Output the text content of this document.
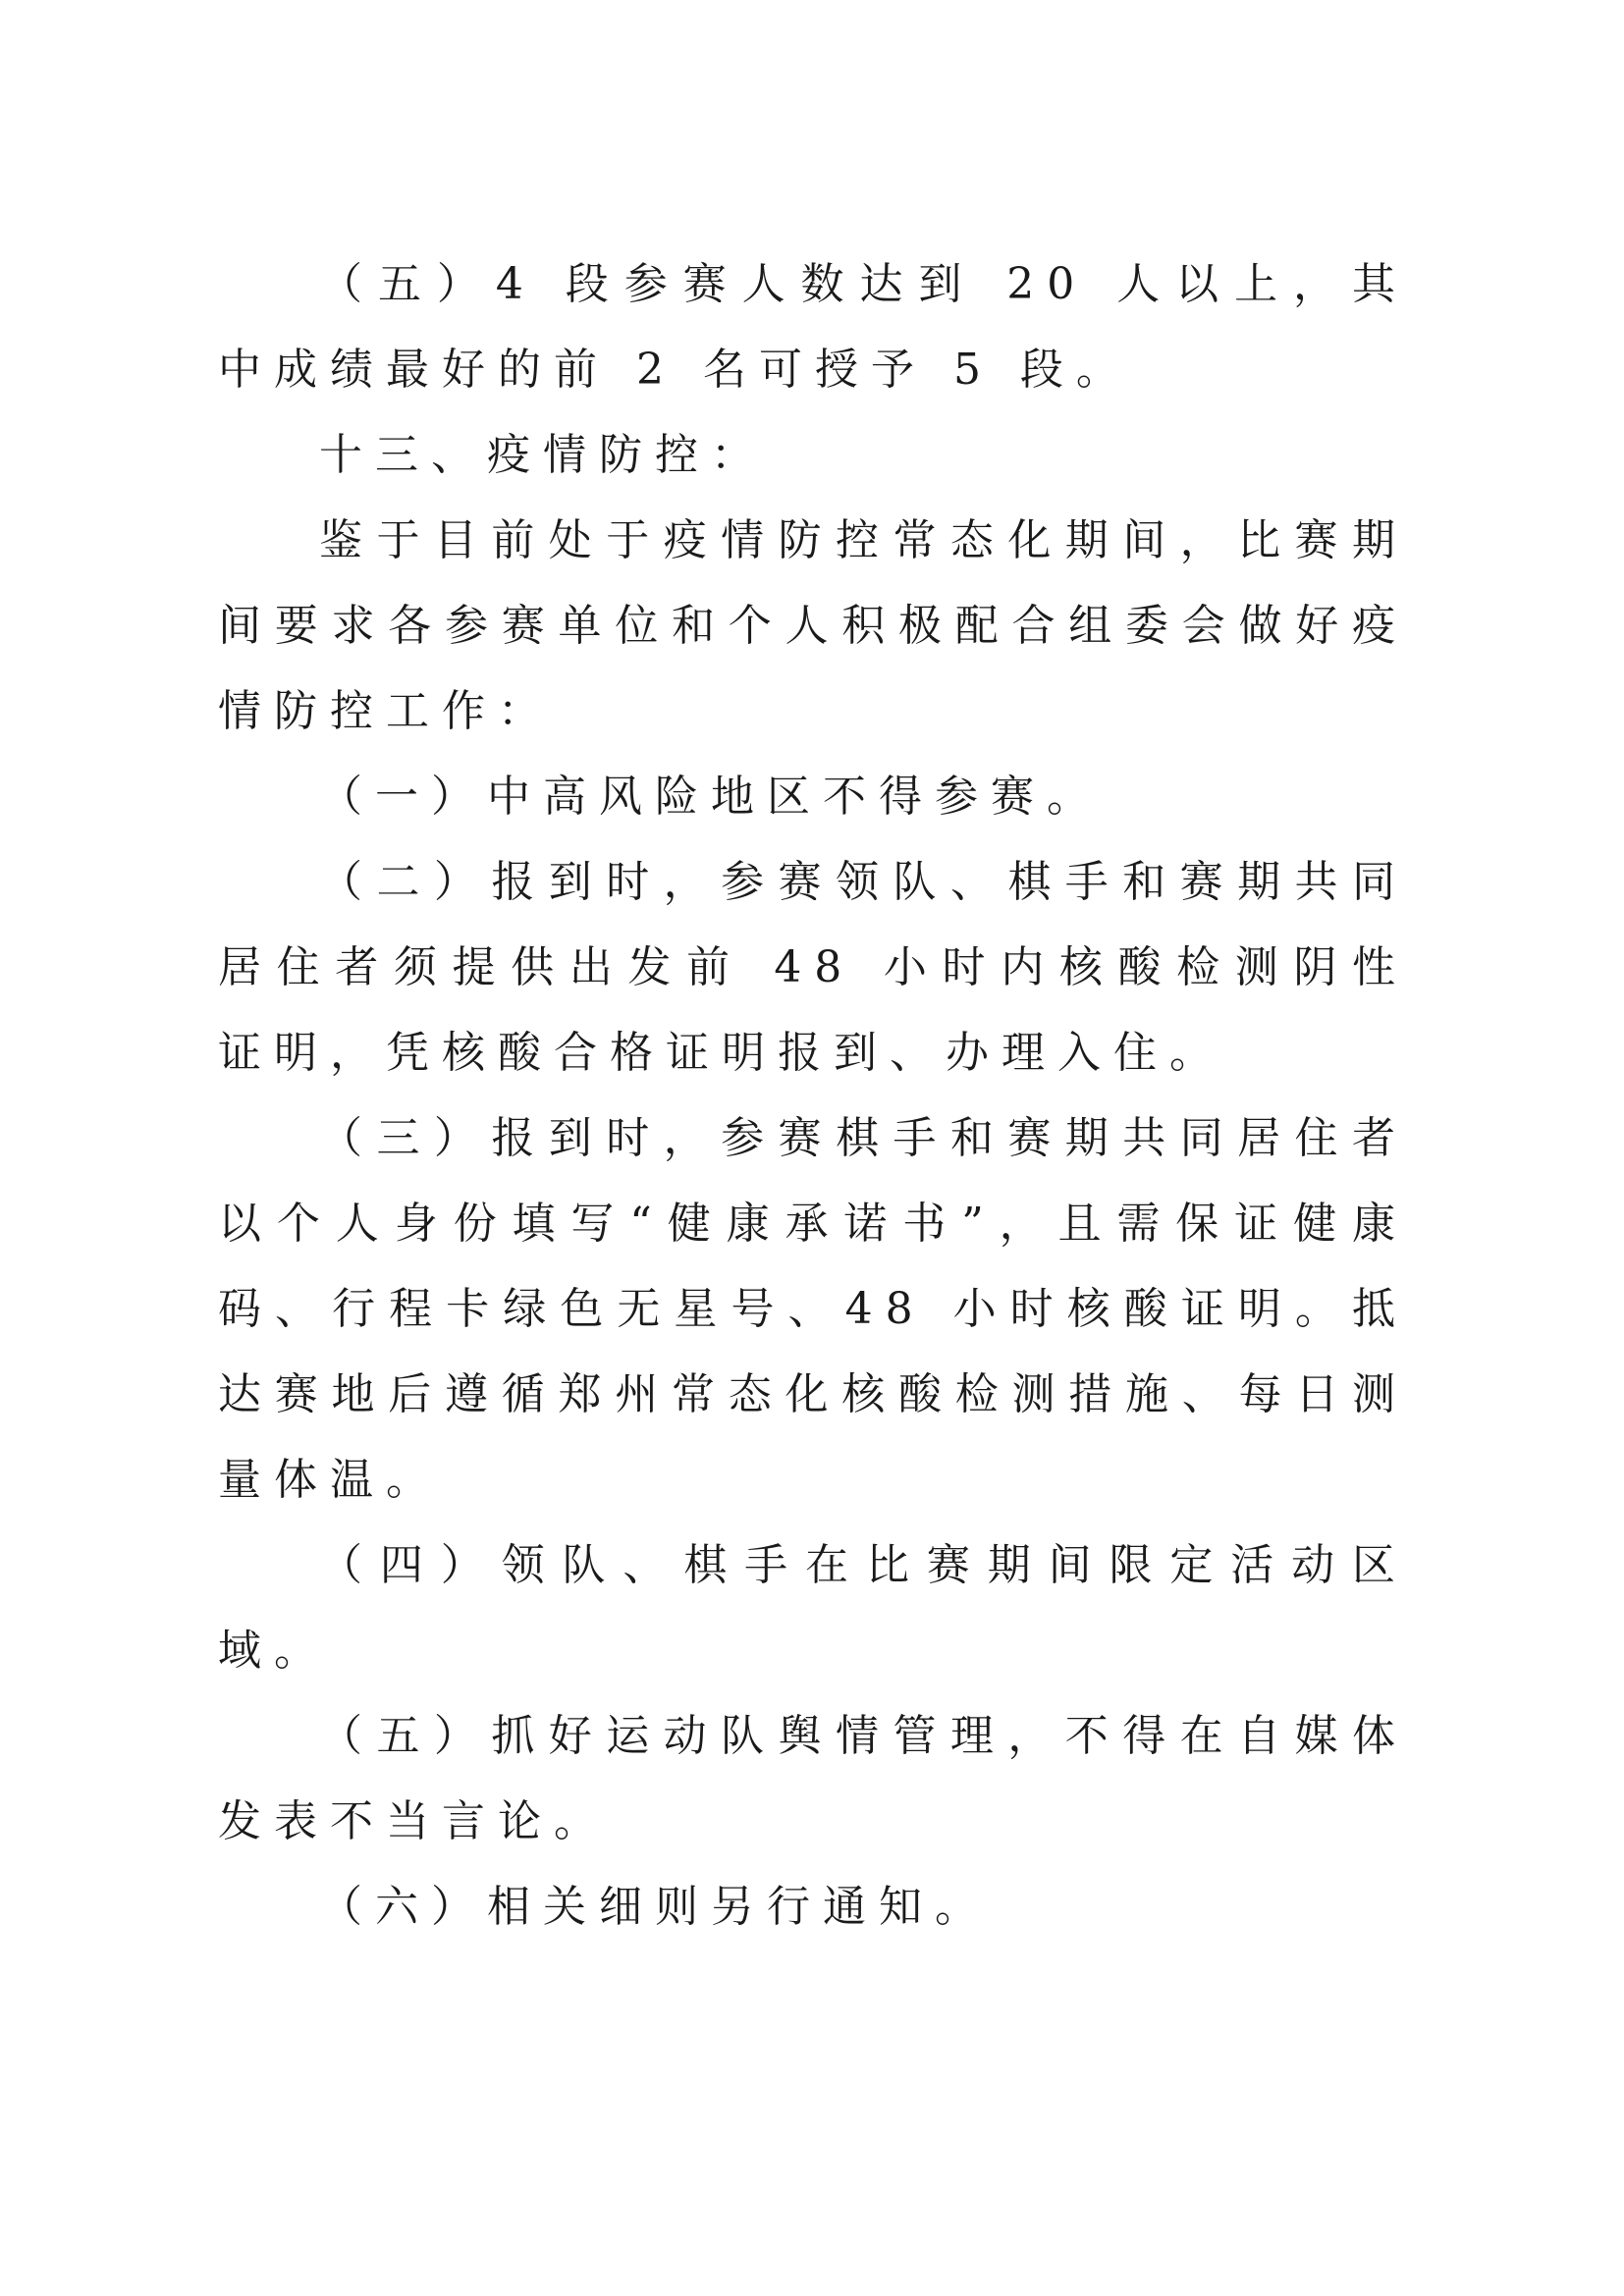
（五）4 段参赛人数达到 20 人以上，其中成绩最好的前 2 名可授予 5 段。

十三、疫情防控：

鉴于目前处于疫情防控常态化期间，比赛期间要求各参赛单位和个人积极配合组委会做好疫情防控工作：

（一）中高风险地区不得参赛。

（二）报到时，参赛领队、棋手和赛期共同居住者须提供出发前 48 小时内核酸检测阴性证明，凭核酸合格证明报到、办理入住。

（三）报到时，参赛棋手和赛期共同居住者以个人身份填写“健康承诺书”，且需保证健康码、行程卡绿色无星号、48 小时核酸证明。抵达赛地后遵循郑州常态化核酸检测措施、每日测量体温。

（四）领队、棋手在比赛期间限定活动区域。

（五）抓好运动队舆情管理，不得在自媒体发表不当言论。

（六）相关细则另行通知。
